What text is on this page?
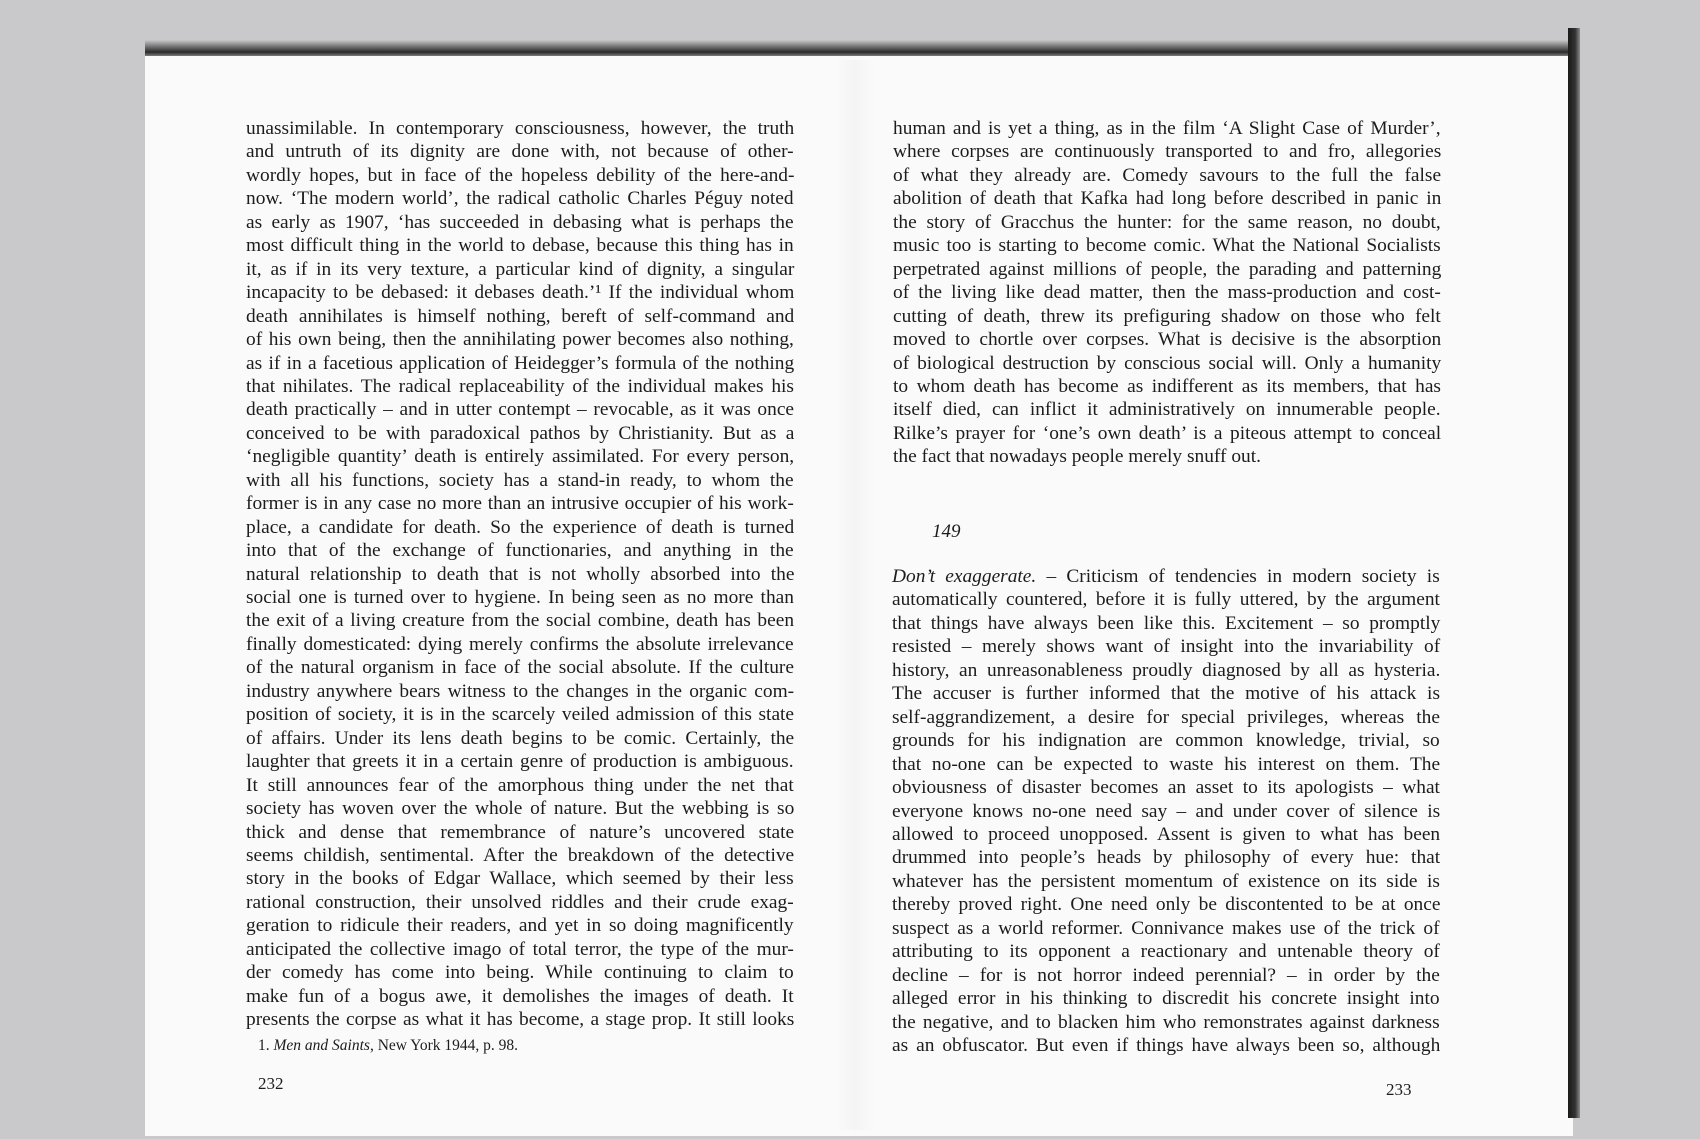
unassimilable. In contemporary consciousness, however, the truth
and untruth of its dignity are done with, not because of other-
wordly hopes, but in face of the hopeless debility of the here-and-
now. ‘The modern world’, the radical catholic Charles Péguy noted
as early as 1907, ‘has succeeded in debasing what is perhaps the
most difficult thing in the world to debase, because this thing has in
it, as if in its very texture, a particular kind of dignity, a singular
incapacity to be debased: it debases death.’¹ If the individual whom
death annihilates is himself nothing, bereft of self-command and
of his own being, then the annihilating power becomes also nothing,
as if in a facetious application of Heidegger’s formula of the nothing
that nihilates. The radical replaceability of the individual makes his
death practically – and in utter contempt – revocable, as it was once
conceived to be with paradoxical pathos by Christianity. But as a
‘negligible quantity’ death is entirely assimilated. For every person,
with all his functions, society has a stand-in ready, to whom the
former is in any case no more than an intrusive occupier of his work-
place, a candidate for death. So the experience of death is turned
into that of the exchange of functionaries, and anything in the
natural relationship to death that is not wholly absorbed into the
social one is turned over to hygiene. In being seen as no more than
the exit of a living creature from the social combine, death has been
finally domesticated: dying merely confirms the absolute irrelevance
of the natural organism in face of the social absolute. If the culture
industry anywhere bears witness to the changes in the organic com-
position of society, it is in the scarcely veiled admission of this state
of affairs. Under its lens death begins to be comic. Certainly, the
laughter that greets it in a certain genre of production is ambiguous.
It still announces fear of the amorphous thing under the net that
society has woven over the whole of nature. But the webbing is so
thick and dense that remembrance of nature’s uncovered state
seems childish, sentimental. After the breakdown of the detective
story in the books of Edgar Wallace, which seemed by their less
rational construction, their unsolved riddles and their crude exag-
geration to ridicule their readers, and yet in so doing magnificently
anticipated the collective imago of total terror, the type of the mur-
der comedy has come into being. While continuing to claim to
make fun of a bogus awe, it demolishes the images of death. It
presents the corpse as what it has become, a stage prop. It still looks
1. Men and Saints, New York 1944, p. 98.
232
human and is yet a thing, as in the film ‘A Slight Case of Murder’,
where corpses are continuously transported to and fro, allegories
of what they already are. Comedy savours to the full the false
abolition of death that Kafka had long before described in panic in
the story of Gracchus the hunter: for the same reason, no doubt,
music too is starting to become comic. What the National Socialists
perpetrated against millions of people, the parading and patterning
of the living like dead matter, then the mass-production and cost-
cutting of death, threw its prefiguring shadow on those who felt
moved to chortle over corpses. What is decisive is the absorption
of biological destruction by conscious social will. Only a humanity
to whom death has become as indifferent as its members, that has
itself died, can inflict it administratively on innumerable people.
Rilke’s prayer for ‘one’s own death’ is a piteous attempt to conceal
the fact that nowadays people merely snuff out.
149
Don’t exaggerate. – Criticism of tendencies in modern society is
automatically countered, before it is fully uttered, by the argument
that things have always been like this. Excitement – so promptly
resisted – merely shows want of insight into the invariability of
history, an unreasonableness proudly diagnosed by all as hysteria.
The accuser is further informed that the motive of his attack is
self-aggrandizement, a desire for special privileges, whereas the
grounds for his indignation are common knowledge, trivial, so
that no-one can be expected to waste his interest on them. The
obviousness of disaster becomes an asset to its apologists – what
everyone knows no-one need say – and under cover of silence is
allowed to proceed unopposed. Assent is given to what has been
drummed into people’s heads by philosophy of every hue: that
whatever has the persistent momentum of existence on its side is
thereby proved right. One need only be discontented to be at once
suspect as a world reformer. Connivance makes use of the trick of
attributing to its opponent a reactionary and untenable theory of
decline – for is not horror indeed perennial? – in order by the
alleged error in his thinking to discredit his concrete insight into
the negative, and to blacken him who remonstrates against darkness
as an obfuscator. But even if things have always been so, although
233
